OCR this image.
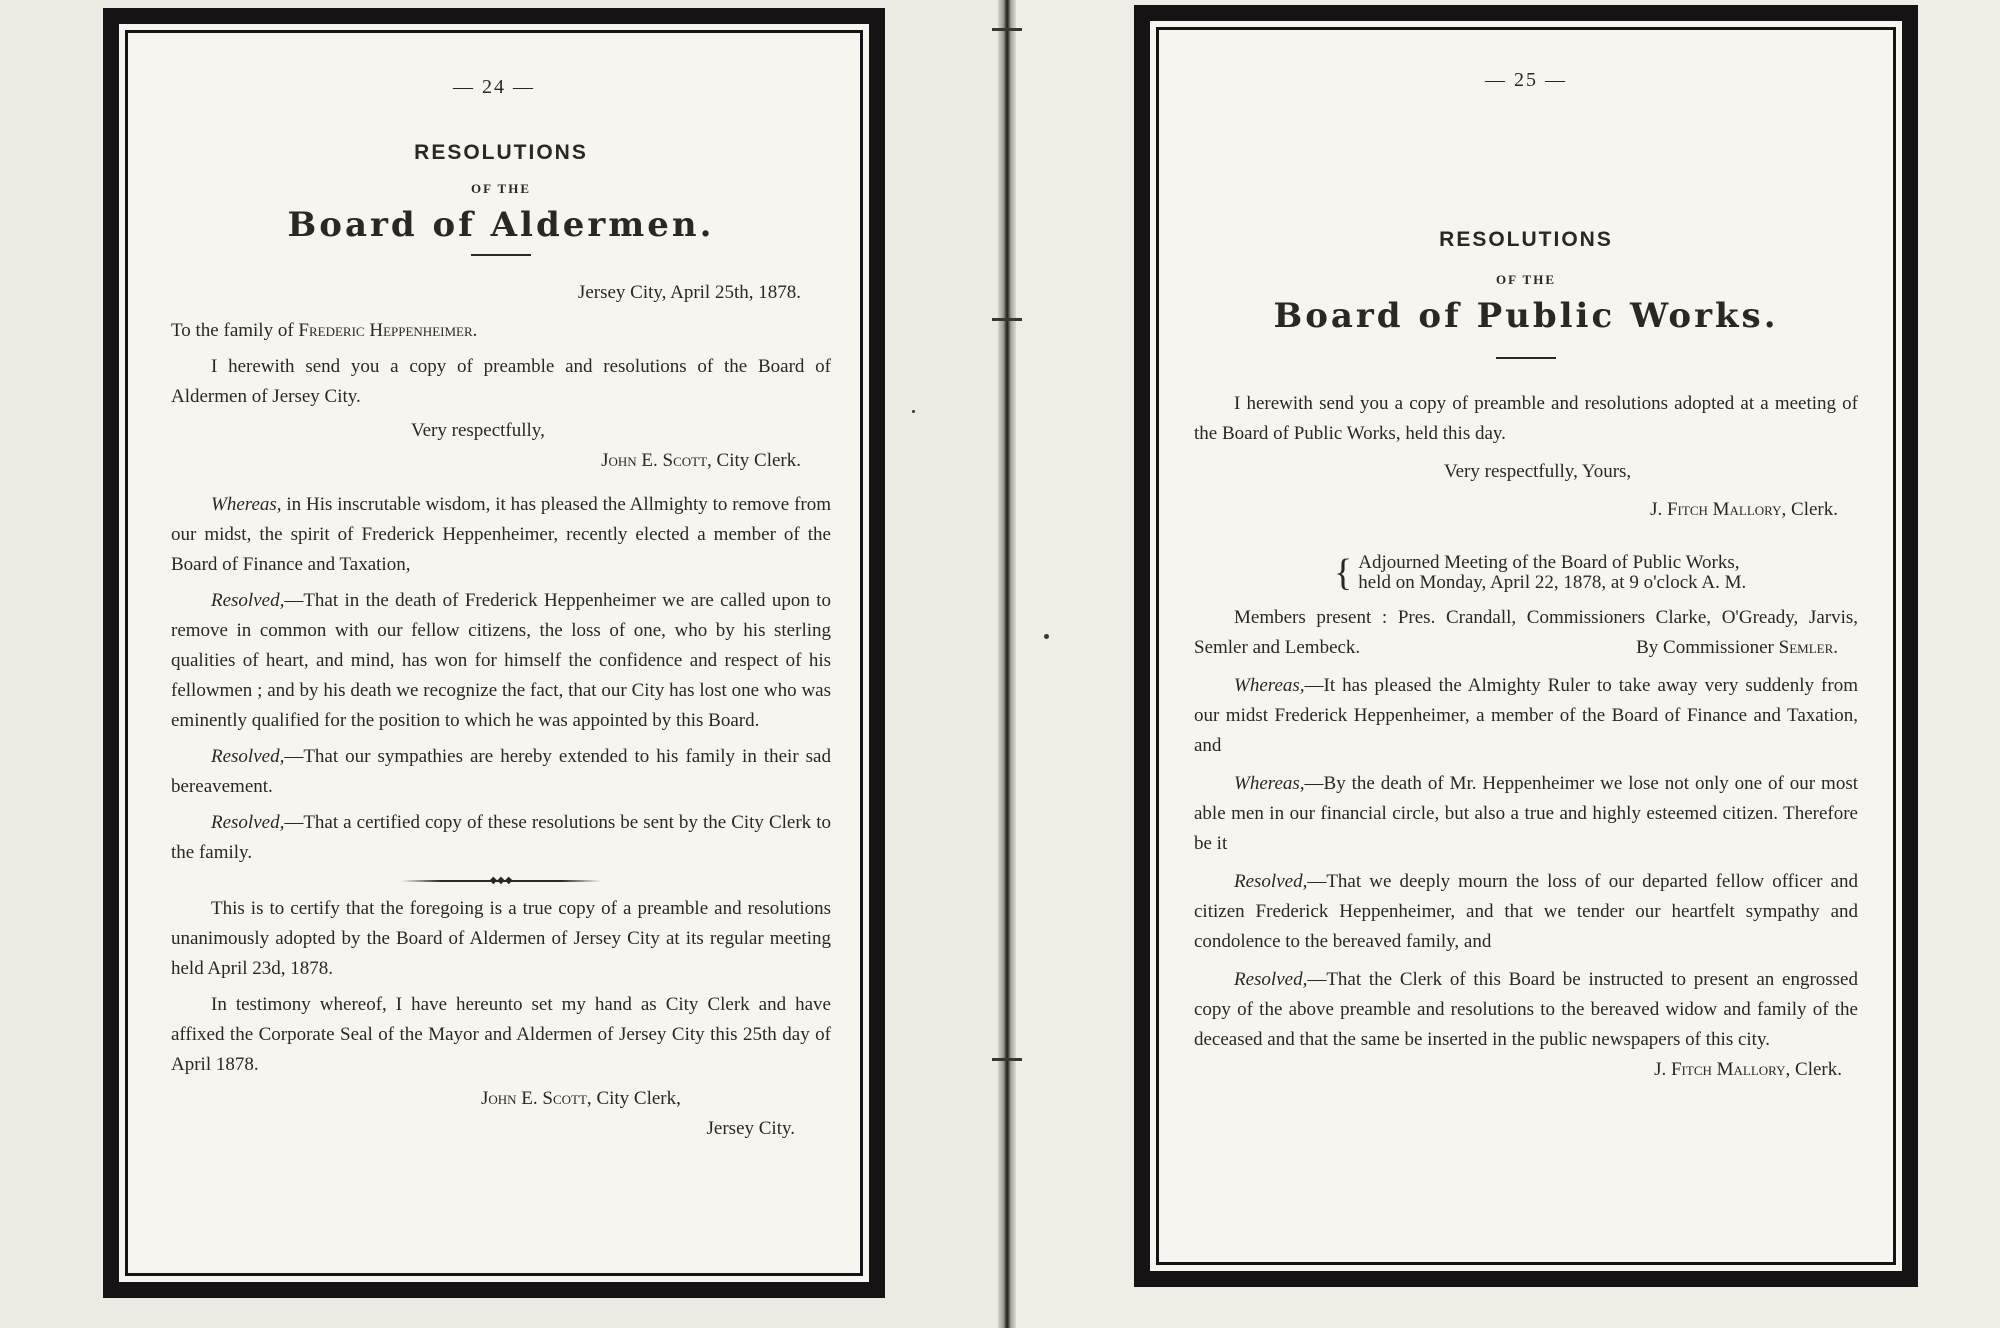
— 24 —
RESOLUTIONS
OF THE
Board of Aldermen.
Jersey City, April 25th, 1878.

To the family of Frederic Heppenheimer.

I herewith send you a copy of preamble and resolutions of the Board of Aldermen of Jersey City.

Very respectfully,

John E. Scott, City Clerk.

Whereas, in His inscrutable wisdom, it has pleased the Allmighty to remove from our midst, the spirit of Frederick Heppenheimer, recently elected a member of the Board of Finance and Taxation,

Resolved,—That in the death of Frederick Heppenheimer we are called upon to remove in common with our fellow citizens, the loss of one, who by his sterling qualities of heart, and mind, has won for himself the confidence and respect of his fellowmen ; and by his death we recognize the fact, that our City has lost one who was eminently qualified for the position to which he was appointed by this Board.

Resolved,—That our sympathies are hereby extended to his family in their sad bereavement.

Resolved,—That a certified copy of these resolutions be sent by the City Clerk to the family.

◆◆◆

This is to certify that the foregoing is a true copy of a preamble and resolutions unanimously adopted by the Board of Aldermen of Jersey City at its regular meeting held April 23d, 1878.

In testimony whereof, I have hereunto set my hand as City Clerk and have affixed the Corporate Seal of the Mayor and Aldermen of Jersey City this 25th day of April 1878.

John E. Scott, City Clerk,

Jersey City.

— 25 —
RESOLUTIONS
OF THE
Board of Public Works.

I herewith send you a copy of preamble and resolutions adopted at a meeting of the Board of Public Works, held this day.

Very respectfully, Yours,

J. Fitch Mallory, Clerk.

{ Adjourned Meeting of the Board of Public Works,
held on Monday, April 22, 1878, at 9 o'clock A. M.

Members present : Pres. Crandall, Commissioners Clarke, O'Gready, Jarvis, Semler and Lembeck.	By Commissioner Semler.

Whereas,—It has pleased the Almighty Ruler to take away very suddenly from our midst Frederick Heppenheimer, a member of the Board of Finance and Taxation, and

Whereas,—By the death of Mr. Heppenheimer we lose not only one of our most able men in our financial circle, but also a true and highly esteemed citizen. Therefore be it

Resolved,—That we deeply mourn the loss of our departed fellow officer and citizen Frederick Heppenheimer, and that we tender our heartfelt sympathy and condolence to the bereaved family, and

Resolved,—That the Clerk of this Board be instructed to present an engrossed copy of the above preamble and resolutions to the bereaved widow and family of the deceased and that the same be inserted in the public newspapers of this city.

J. Fitch Mallory, Clerk.
